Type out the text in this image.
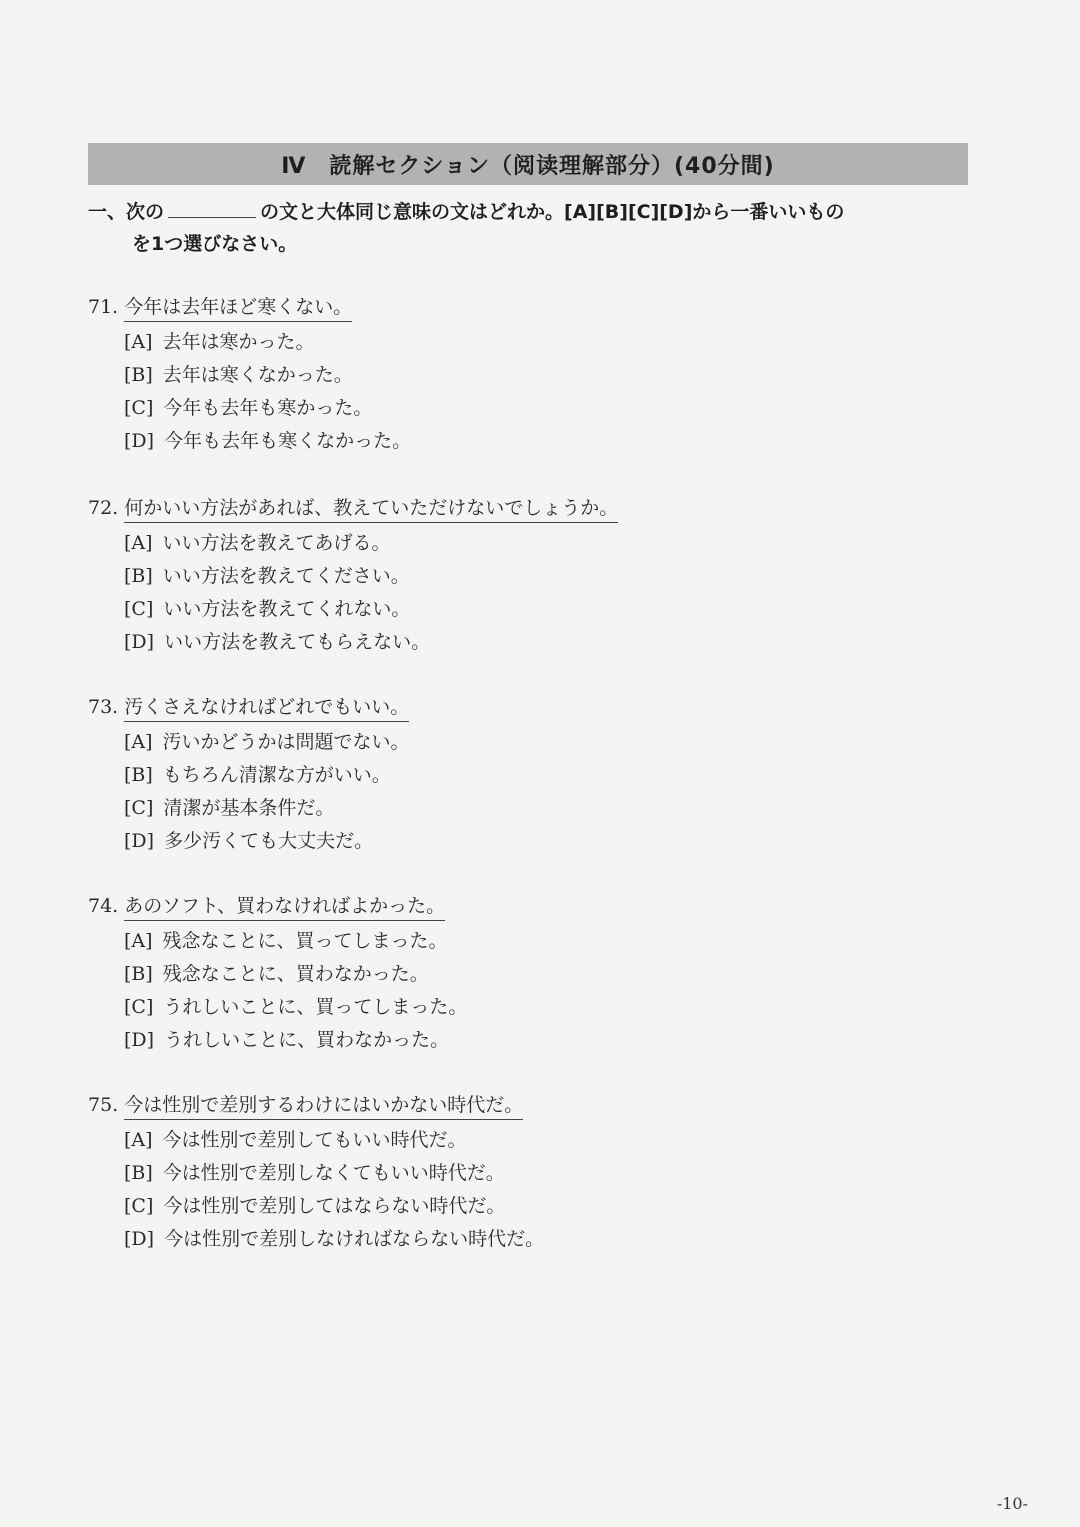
Ⅳ　読解セクション（阅读理解部分）(40分間)
一、次の	の文と大体同じ意味の文はどれか。[A][B][C][D]から一番いいもの
を1つ選びなさい。
71. 今年は去年ほど寒くない。
[A] 去年は寒かった。
[B] 去年は寒くなかった。
[C] 今年も去年も寒かった。
[D] 今年も去年も寒くなかった。
72. 何かいい方法があれば、教えていただけないでしょうか。
[A] いい方法を教えてあげる。
[B] いい方法を教えてください。
[C] いい方法を教えてくれない。
[D] いい方法を教えてもらえない。
73. 汚くさえなければどれでもいい。
[A] 汚いかどうかは問題でない。
[B] もちろん清潔な方がいい。
[C] 清潔が基本条件だ。
[D] 多少汚くても大丈夫だ。
74. あのソフト、買わなければよかった。
[A] 残念なことに、買ってしまった。
[B] 残念なことに、買わなかった。
[C] うれしいことに、買ってしまった。
[D] うれしいことに、買わなかった。
75. 今は性別で差別するわけにはいかない時代だ。
[A] 今は性別で差別してもいい時代だ。
[B] 今は性別で差別しなくてもいい時代だ。
[C] 今は性別で差別してはならない時代だ。
[D] 今は性別で差別しなければならない時代だ。
-10-
